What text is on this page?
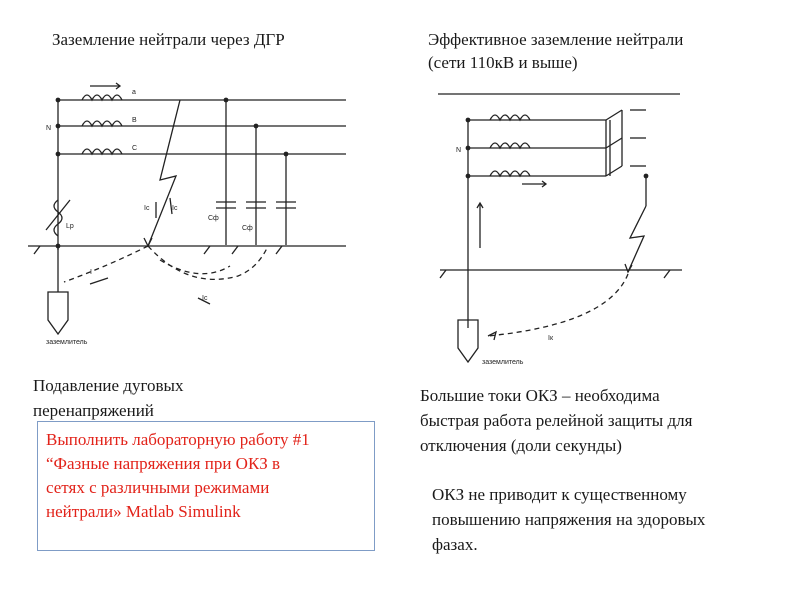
Заземление нейтрали через ДГР	Эффективное заземление нейтрали
(сети 110кВ и выше)
a
B
C
N
Lр
Cф
Cф
Iс	Iс
I
Iс
заземлитель
N
Iк
заземлитель
Подавление дуговых
перенапряжений
Большие токи ОКЗ – необходима
быстрая работа релейной защиты для
отключения (доли секунды)
Выполнить лабораторную работу #1
“Фазные напряжения при ОКЗ в
сетях с различными режимами
нейтрали» Matlab Simulink
ОКЗ не приводит к существенному
повышению напряжения на здоровых
фазах.
